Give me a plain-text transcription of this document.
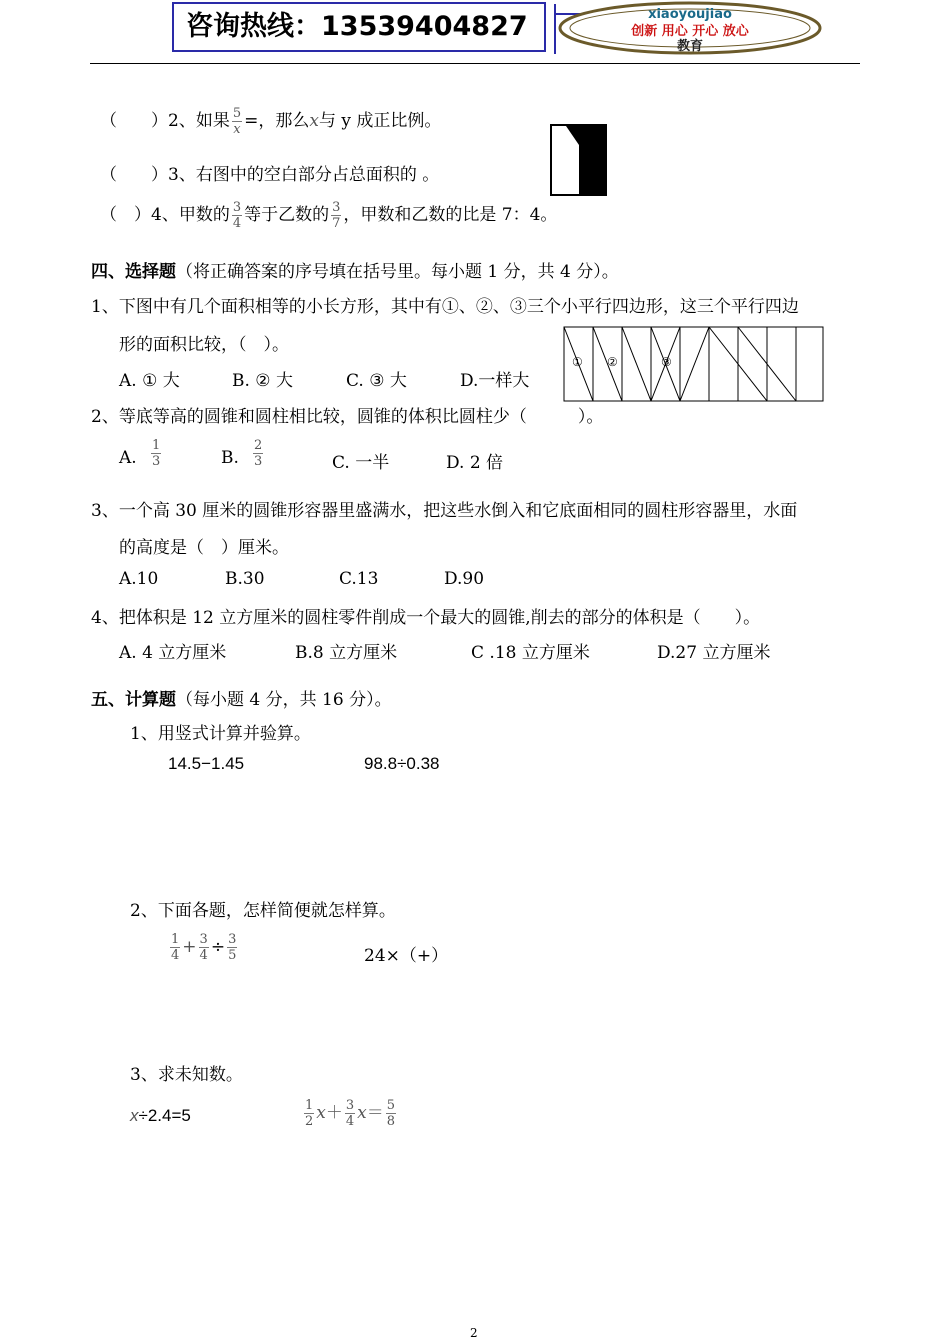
咨询热线：13539404827	xiaoyoujiao
创新 用心 开心 放心
教育
（　　）2、如果 $\frac{5}{x}$ =，那么x与 y 成正比例。
（　　）3、右图中的空白部分占总面积的 。
（　）4、甲数的 $\frac{3}{4}$ 等于乙数的 $\frac{3}{7}$ ，甲数和乙数的比是 7：4。
四、选择题（将正确答案的序号填在括号里。每小题 1 分，共 4 分）。
1、下图中有几个面积相等的小长方形，其中有①、②、③三个小平行四边形，这三个平行四边
形的面积比较，（　）。
A. ① 大	B. ② 大	C. ③ 大	D.一样大
① ②	③
2、等底等高的圆锥和圆柱相比较，圆锥的体积比圆柱少（　　　）。
A. $\frac{1}{3}$	B. $\frac{2}{3}$	C. 一半	D. 2 倍
3、一个高 30 厘米的圆锥形容器里盛满水，把这些水倒入和它底面相同的圆柱形容器里，水面
的高度是（　）厘米。
A.10	B.30	C.13	D.90
4、把体积是 12 立方厘米的圆柱零件削成一个最大的圆锥,削去的部分的体积是（　　）。
A. 4 立方厘米	B.8 立方厘米	C .18 立方厘米	D.27 立方厘米
五、计算题（每小题 4 分，共 16 分）。
1、用竖式计算并验算。
14.5−1.45	98.8÷0.38
2、下面各题，怎样简便就怎样算。
$\frac{1}{4} + \frac{3}{4} \div \frac{3}{5}$	24×（+）
3、求未知数。
x÷2.4=5	$\frac{1}{2} x+ \frac{3}{4} x= \frac{5}{8}$
2
